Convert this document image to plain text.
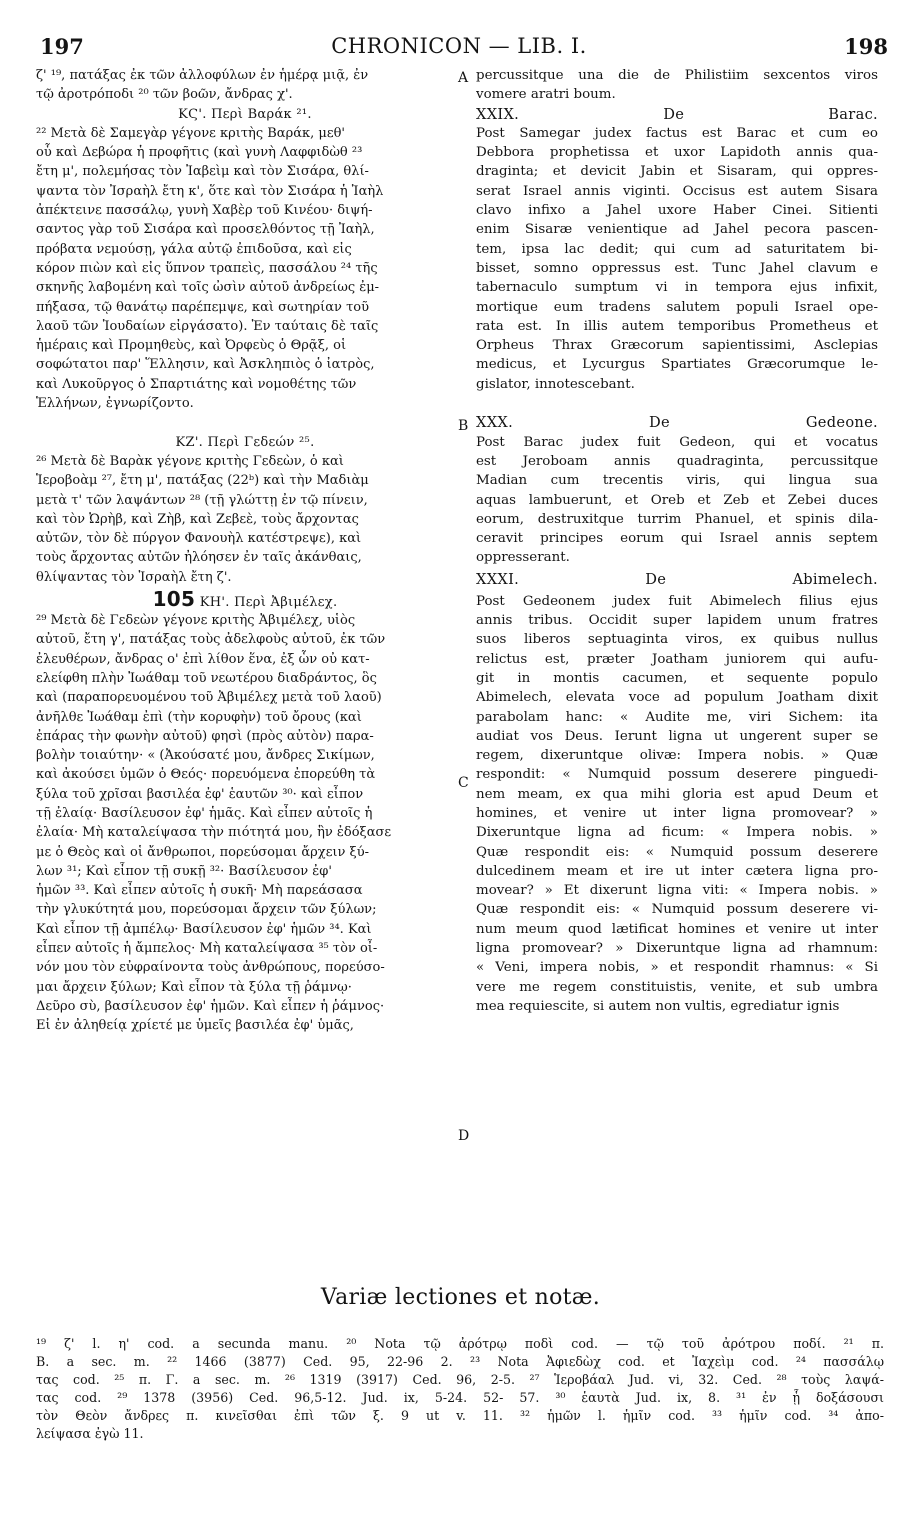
197	CHRONICON — LIB. I.	198
A
B
C
D
ζ' ¹⁹, πατάξας ἐκ τῶν ἀλλοφύλων ἐν ἡμέρᾳ μιᾷ, ἐν
τῷ ἀροτρόποδι ²⁰ τῶν βοῶν, ἄνδρας χ'.
ΚϚ'. Περὶ Βαράκ ²¹.
²² Μετὰ δὲ Σαμεγὰρ γέγονε κριτὴς Βαράκ, μεθ'
οὗ καὶ Δεβώρα ἡ προφῆτις (καὶ γυνὴ Λαφφιδὼθ ²³
ἔτη μ', πολεμήσας τὸν Ἰαβεὶμ καὶ τὸν Σισάρα, θλί-
ψαντα τὸν Ἰσραὴλ ἔτη κ', ὅτε καὶ τὸν Σισάρα ἡ Ἰαὴλ
ἀπέκτεινε πασσάλῳ, γυνὴ Χαβὲρ τοῦ Κινέου· διψή-
σαντος γὰρ τοῦ Σισάρα καὶ προσελθόντος τῇ Ἰαὴλ,
πρόβατα νεμούσῃ, γάλα αὐτῷ ἐπιδοῦσα, καὶ εἰς
κόρον πιὼν καὶ εἰς ὕπνον τραπεὶς, πασσάλου ²⁴ τῆς
σκηνῆς λαβομένη καὶ τοῖς ὠσὶν αὐτοῦ ἀνδρείως ἐμ-
πήξασα, τῷ θανάτῳ παρέπεμψε, καὶ σωτηρίαν τοῦ
λαοῦ τῶν Ἰουδαίων εἰργάσατο). Ἐν ταύταις δὲ ταῖς
ἡμέραις καὶ Προμηθεὺς, καὶ Ὀρφεὺς ὁ Θρᾷξ, οἱ
σοφώτατοι παρ' Ἕλλησιν, καὶ Ἀσκληπιὸς ὁ ἰατρὸς,
καὶ Λυκοῦργος ὁ Σπαρτιάτης καὶ νομοθέτης τῶν
Ἑλλήνων, ἐγνωρίζοντο.
ΚΖ'. Περὶ Γεδεών ²⁵.
²⁶ Μετὰ δὲ Βαρὰκ γέγονε κριτὴς Γεδεὼν, ὁ καὶ
Ἱεροβοὰμ ²⁷, ἔτη μ', πατάξας (22ᵇ) καὶ τὴν Μαδιὰμ
μετὰ τ' τῶν λαψάντων ²⁸ (τῇ γλώττῃ ἐν τῷ πίνειν,
καὶ τὸν Ὠρὴβ, καὶ Ζὴβ, καὶ Ζεβεὲ, τοὺς ἄρχοντας
αὐτῶν, τὸν δὲ πύργον Φανουὴλ κατέστρεψε), καὶ
τοὺς ἄρχοντας αὐτῶν ἠλόησεν ἐν ταῖς ἀκάνθαις,
θλίψαντας τὸν Ἰσραὴλ ἔτη ζ'.
105 ΚΗ'. Περὶ Ἀβιμέλεχ.
²⁹ Μετὰ δὲ Γεδεὼν γέγονε κριτὴς Ἀβιμέλεχ, υἱὸς
αὐτοῦ, ἔτη γ', πατάξας τοὺς ἀδελφοὺς αὐτοῦ, ἐκ τῶν
ἐλευθέρων, ἄνδρας ο' ἐπὶ λίθον ἕνα, ἐξ ὧν οὐ κατ-
ελείφθη πλὴν Ἰωάθαμ τοῦ νεωτέρου διαδράντος, ὃς
καὶ (παραπορευομένου τοῦ Ἀβιμέλεχ μετὰ τοῦ λαοῦ)
ἀνῆλθε Ἰωάθαμ ἐπὶ (τὴν κορυφὴν) τοῦ ὄρους (καὶ
ἐπάρας τὴν φωνὴν αὐτοῦ) φησὶ (πρὸς αὐτὸν) παρα-
βολὴν τοιαύτην· « (Ἀκούσατέ μου, ἄνδρες Σικίμων,
καὶ ἀκούσει ὑμῶν ὁ Θεός· πορευόμενα ἐπορεύθη τὰ
ξύλα τοῦ χρῖσαι βασιλέα ἐφ' ἑαυτῶν ³⁰· καὶ εἶπον
τῇ ἐλαίᾳ· Βασίλευσον ἐφ' ἡμᾶς. Καὶ εἶπεν αὐτοῖς ἡ
ἐλαία· Μὴ καταλείψασα τὴν πιότητά μου, ἣν ἐδόξασε
με ὁ Θεὸς καὶ οἱ ἄνθρωποι, πορεύσομαι ἄρχειν ξύ-
λων ³¹; Καὶ εἶπον τῇ συκῇ ³²· Βασίλευσον ἐφ'
ἡμῶν ³³. Καὶ εἶπεν αὐτοῖς ἡ συκῆ· Μὴ παρεάσασα
τὴν γλυκύτητά μου, πορεύσομαι ἄρχειν τῶν ξύλων;
Καὶ εἶπον τῇ ἀμπέλῳ· Βασίλευσον ἐφ' ἡμῶν ³⁴. Καὶ
εἶπεν αὐτοῖς ἡ ἄμπελος· Μὴ καταλείψασα ³⁵ τὸν οἶ-
νόν μου τὸν εὐφραίνοντα τοὺς ἀνθρώπους, πορεύσο-
μαι ἄρχειν ξύλων; Καὶ εἶπον τὰ ξύλα τῇ ῥάμνῳ·
Δεῦρο σὺ, βασίλευσον ἐφ' ἡμῶν. Καὶ εἶπεν ἡ ῥάμνος·
Εἰ ἐν ἀληθείᾳ χρίετέ με ὑμεῖς βασιλέα ἐφ' ὑμᾶς,
percussitque una die de Philistiim sexcentos viros
vomere aratri boum.
XXIX. De Barac.
Post Samegar judex factus est Barac et cum eo
Debbora prophetissa et uxor Lapidoth annis qua-
draginta; et devicit Jabin et Sisaram, qui oppres-
serat Israel annis viginti. Occisus est autem Sisara
clavo infixo a Jahel uxore Haber Cinei. Sitienti
enim Sisaræ venientique ad Jahel pecora pascen-
tem, ipsa lac dedit; qui cum ad saturitatem bi-
bisset, somno oppressus est. Tunc Jahel clavum e
tabernaculo sumptum vi in tempora ejus infixit,
mortique eum tradens salutem populi Israel ope-
rata est. In illis autem temporibus Prometheus et
Orpheus Thrax Græcorum sapientissimi, Asclepias
medicus, et Lycurgus Spartiates Græcorumque le-
gislator, innotescebant.
XXX. De Gedeone.
Post Barac judex fuit Gedeon, qui et vocatus
est Jeroboam annis quadraginta, percussitque
Madian cum trecentis viris, qui lingua sua
aquas lambuerunt, et Oreb et Zeb et Zebei duces
eorum, destruxitque turrim Phanuel, et spinis dila-
ceravit principes eorum qui Israel annis septem
oppresserant.
XXXI. De Abimelech.
Post Gedeonem judex fuit Abimelech filius ejus
annis tribus. Occidit super lapidem unum fratres
suos liberos septuaginta viros, ex quibus nullus
relictus est, præter Joatham juniorem qui aufu-
git in montis cacumen, et sequente populo
Abimelech, elevata voce ad populum Joatham dixit
parabolam hanc: « Audite me, viri Sichem: ita
audiat vos Deus. Ierunt ligna ut ungerent super se
regem, dixeruntque olivæ: Impera nobis. » Quæ
respondit: « Numquid possum deserere pinguedi-
nem meam, ex qua mihi gloria est apud Deum et
homines, et venire ut inter ligna promovear? »
Dixeruntque ligna ad ficum: « Impera nobis. »
Quæ respondit eis: « Numquid possum deserere
dulcedinem meam et ire ut inter cætera ligna pro-
movear? » Et dixerunt ligna viti: « Impera nobis. »
Quæ respondit eis: « Numquid possum deserere vi-
num meum quod lætificat homines et venire ut inter
ligna promovear? » Dixeruntque ligna ad rhamnum:
« Veni, impera nobis, » et respondit rhamnus: « Si
vere me regem constituistis, venite, et sub umbra
mea requiescite, si autem non vultis, egrediatur ignis
Variæ lectiones et notæ.
¹⁹ ζ' l. η' cod. a secunda manu. ²⁰ Nota τῷ ἀρότρῳ ποδὶ cod. — τῷ τοῦ ἀρότρου ποδί. ²¹ π.
B. a sec. m. ²² 1466 (3877) Ced. 95, 22-96 2. ²³ Nota Ἀφιεδὼχ cod. et Ἰαχεὶμ cod. ²⁴ πασσάλῳ
τας cod. ²⁵ π. Γ. a sec. m. ²⁶ 1319 (3917) Ced. 96, 2-5. ²⁷ Ἱεροβάαλ Jud. vi, 32. Ced. ²⁸ τοὺς λαψά-
τας cod. ²⁹ 1378 (3956) Ced. 96,5-12. Jud. ix, 5-24. 52- 57. ³⁰ ἑαυτὰ Jud. ix, 8. ³¹ ἐν ᾗ δοξάσουσι
τὸν Θεὸν ἄνδρες π. κινεῖσθαι ἐπὶ τῶν ξ. 9 ut v. 11. ³² ἡμῶν l. ἡμῖν cod. ³³ ἡμῖν cod. ³⁴ ἀπο-
λείψασα ἐγὼ 11.
